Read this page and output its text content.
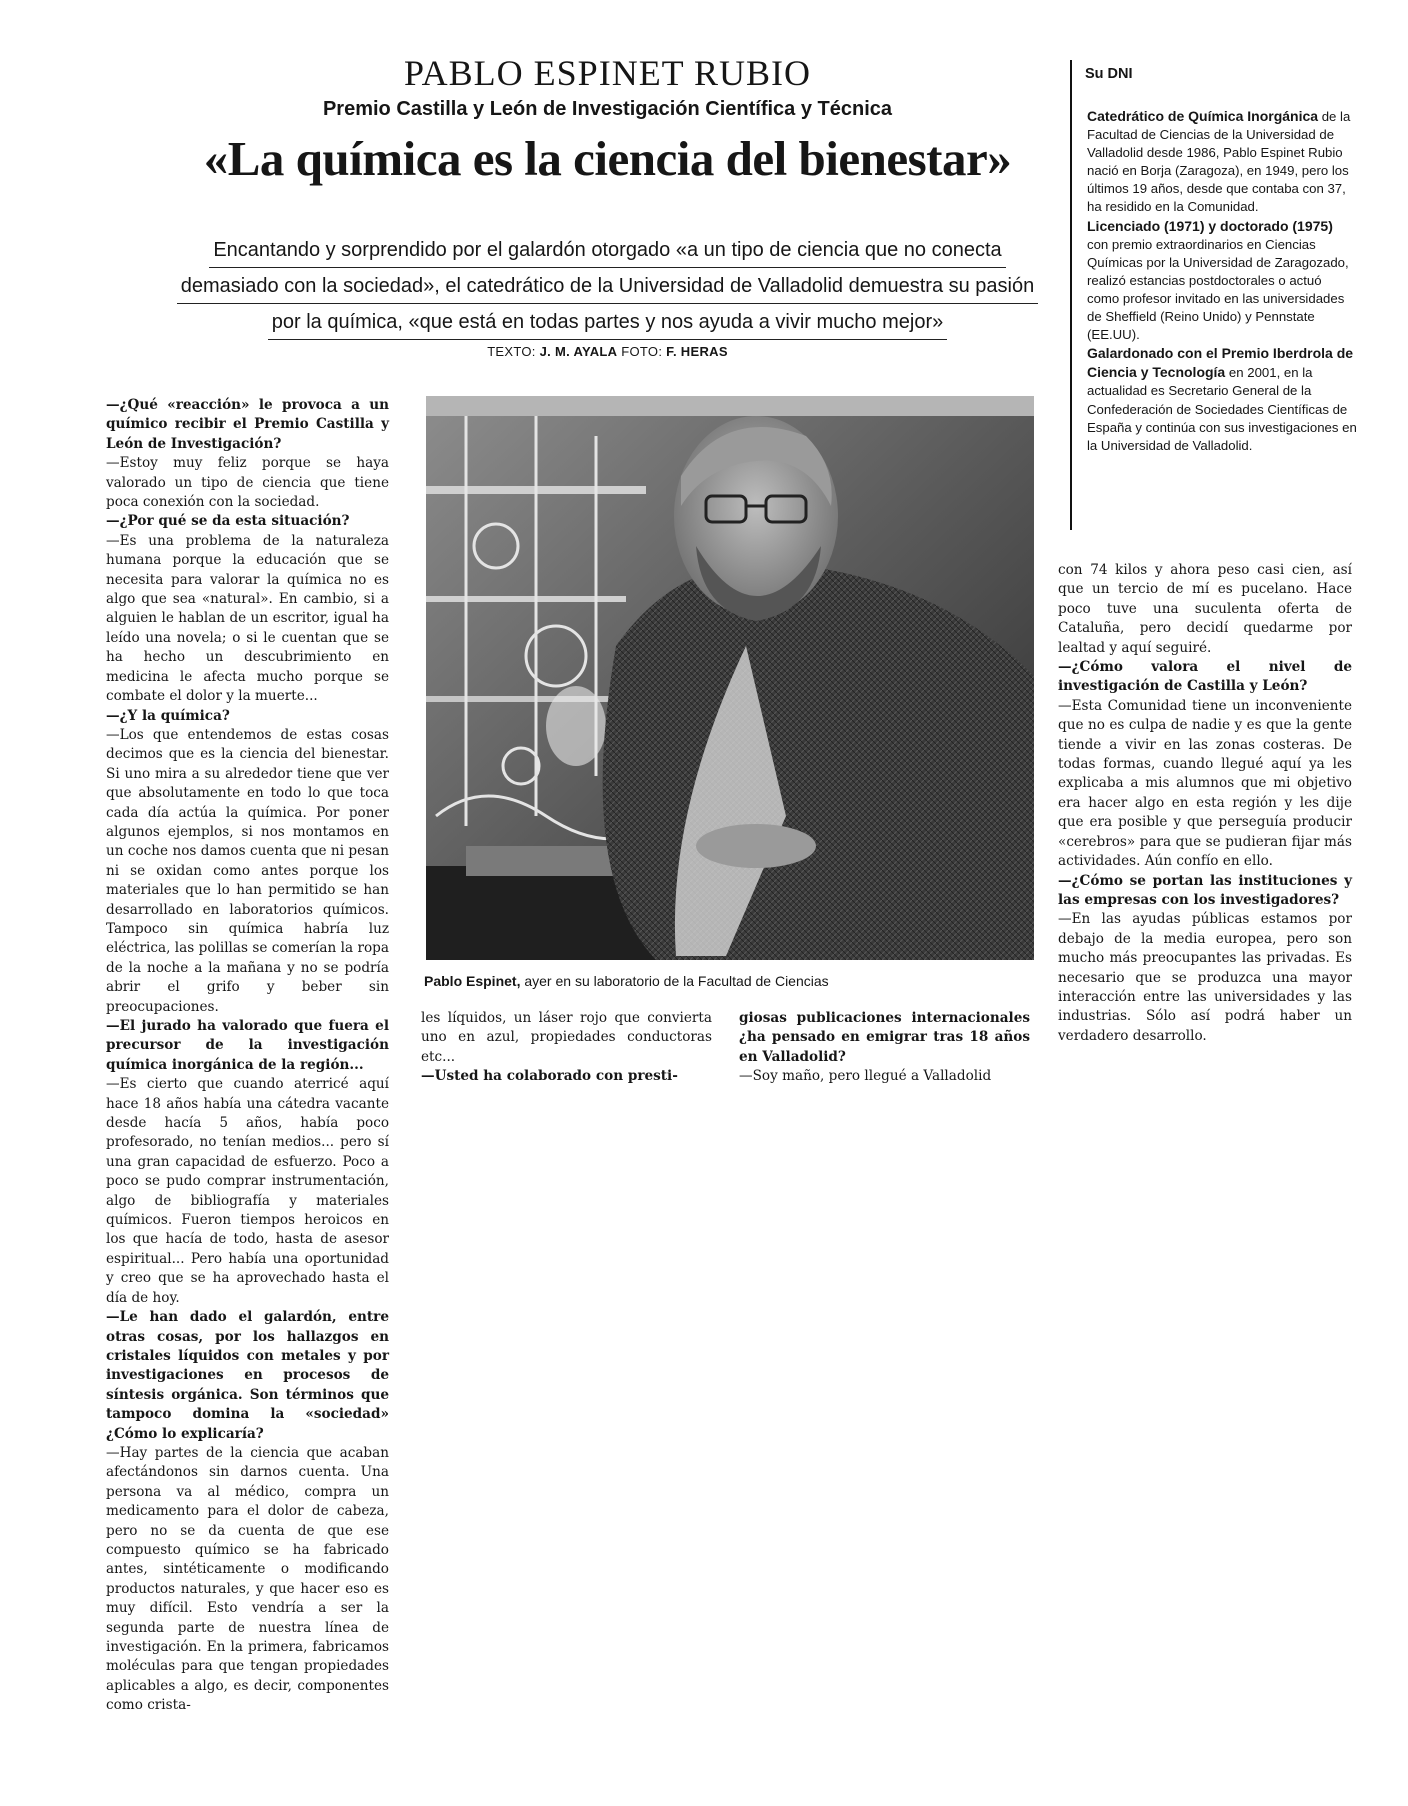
PABLO ESPINET RUBIO
Premio Castilla y León de Investigación Científica y Técnica
«La química es la ciencia del bienestar»
Encantando y sorprendido por el galardón otorgado «a un tipo de ciencia que no conecta
demasiado con la sociedad», el catedrático de la Universidad de Valladolid demuestra su pasión
por la química, «que está en todas partes y nos ayuda a vivir mucho mejor»
TEXTO: J. M. AYALA FOTO: F. HERAS

—¿Qué «reacción» le provoca a un químico recibir el Premio Castilla y León de Investigación?

—Estoy muy feliz porque se haya valorado un tipo de ciencia que tiene poca conexión con la sociedad.

—¿Por qué se da esta situación?

—Es una problema de la naturaleza humana porque la educación que se necesita para valorar la química no es algo que sea «natural». En cambio, si a alguien le hablan de un escritor, igual ha leído una novela; o si le cuentan que se ha hecho un descubrimiento en medicina le afecta mucho porque se combate el dolor y la muerte...

—¿Y la química?

—Los que entendemos de estas cosas decimos que es la ciencia del bienestar. Si uno mira a su alrededor tiene que ver que absolutamente en todo lo que toca cada día actúa la química. Por poner algunos ejemplos, si nos montamos en un coche nos damos cuenta que ni pesan ni se oxidan como antes porque los materiales que lo han permitido se han desarrollado en laboratorios químicos. Tampoco sin química habría luz eléctrica, las polillas se comerían la ropa de la noche a la mañana y no se podría abrir el grifo y beber sin preocupaciones.

—El jurado ha valorado que fuera el precursor de la investigación química inorgánica de la región...

—Es cierto que cuando aterricé aquí hace 18 años había una cátedra vacante desde hacía 5 años, había poco profesorado, no tenían medios... pero sí una gran capacidad de esfuerzo. Poco a poco se pudo comprar instrumentación, algo de bibliografía y materiales químicos. Fueron tiempos heroicos en los que hacía de todo, hasta de asesor espiritual... Pero había una oportunidad y creo que se ha aprovechado hasta el día de hoy.

—Le han dado el galardón, entre otras cosas, por los hallazgos en cristales líquidos con metales y por investigaciones en procesos de síntesis orgánica. Son términos que tampoco domina la «sociedad» ¿Cómo lo explicaría?

—Hay partes de la ciencia que acaban afectándonos sin darnos cuenta. Una persona va al médico, compra un medicamento para el dolor de cabeza, pero no se da cuenta de que ese compuesto químico se ha fabricado antes, sintéticamente o modificando productos naturales, y que hacer eso es muy difícil. Esto vendría a ser la segunda parte de nuestra línea de investigación. En la primera, fabricamos moléculas para que tengan propiedades aplicables a algo, es decir, componentes como crista-

Pablo Espinet, ayer en su laboratorio de la Facultad de Ciencias

les líquidos, un láser rojo que convierta uno en azul, propiedades conductoras etc...

—Usted ha colaborado con presti-

giosas publicaciones internacionales ¿ha pensado en emigrar tras 18 años en Valladolid?

—Soy maño, pero llegué a Valladolid

con 74 kilos y ahora peso casi cien, así que un tercio de mí es pucelano. Hace poco tuve una suculenta oferta de Cataluña, pero decidí quedarme por lealtad y aquí seguiré.

—¿Cómo valora el nivel de investigación de Castilla y León?

—Esta Comunidad tiene un inconveniente que no es culpa de nadie y es que la gente tiende a vivir en las zonas costeras. De todas formas, cuando llegué aquí ya les explicaba a mis alumnos que mi objetivo era hacer algo en esta región y les dije que era posible y que perseguía producir «cerebros» para que se pudieran fijar más actividades. Aún confío en ello.

—¿Cómo se portan las instituciones y las empresas con los investigadores?

—En las ayudas públicas estamos por debajo de la media europea, pero son mucho más preocupantes las privadas. Es necesario que se produzca una mayor interacción entre las universidades y las industrias. Sólo así podrá haber un verdadero desarrollo.

Su DNI

Catedrático de Química Inorgánica de la Facultad de Ciencias de la Universidad de Valladolid desde 1986, Pablo Espinet Rubio nació en Borja (Zaragoza), en 1949, pero los últimos 19 años, desde que contaba con 37, ha residido en la Comunidad.

Licenciado (1971) y doctorado (1975) con premio extraordinarios en Ciencias Químicas por la Universidad de Zaragozado, realizó estancias postdoctorales o actuó como profesor invitado en las universidades de Sheffield (Reino Unido) y Pennstate (EE.UU).

Galardonado con el Premio Iberdrola de Ciencia y Tecnología en 2001, en la actualidad es Secretario General de la Confederación de Sociedades Científicas de España y continúa con sus investigaciones en la Universidad de Valladolid.
